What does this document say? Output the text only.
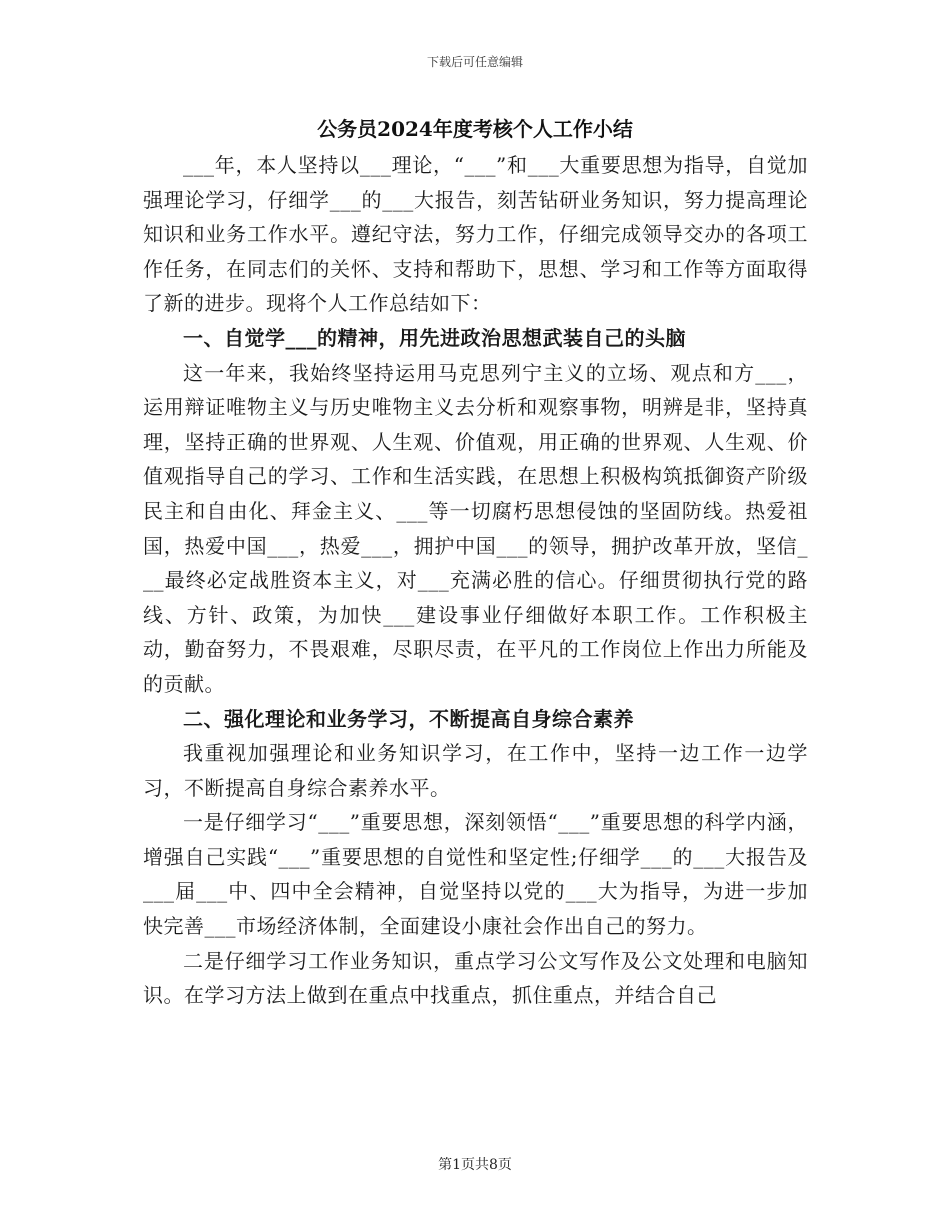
下载后可任意编辑
公务员2024年度考核个人工作小结

___年，本人坚持以___理论，“___”和___大重要思想为指导，自觉加强理论学习，仔细学___的___大报告，刻苦钻研业务知识，努力提高理论知识和业务工作水平。遵纪守法，努力工作，仔细完成领导交办的各项工作任务，在同志们的关怀、支持和帮助下，思想、学习和工作等方面取得了新的进步。现将个人工作总结如下：

一、自觉学___的精神，用先进政治思想武装自己的头脑

这一年来，我始终坚持运用马克思列宁主义的立场、观点和方___，运用辩证唯物主义与历史唯物主义去分析和观察事物，明辨是非，坚持真理，坚持正确的世界观、人生观、价值观，用正确的世界观、人生观、价值观指导自己的学习、工作和生活实践，在思想上积极构筑抵御资产阶级民主和自由化、拜金主义、___等一切腐朽思想侵蚀的坚固防线。热爱祖国，热爱中国___，热爱___，拥护中国___的领导，拥护改革开放，坚信___最终必定战胜资本主义，对___充满必胜的信心。仔细贯彻执行党的路线、方针、政策，为加快___建设事业仔细做好本职工作。工作积极主动，勤奋努力，不畏艰难，尽职尽责，在平凡的工作岗位上作出力所能及的贡献。

二、强化理论和业务学习，不断提高自身综合素养

我重视加强理论和业务知识学习，在工作中，坚持一边工作一边学习，不断提高自身综合素养水平。

一是仔细学习“___”重要思想，深刻领悟“___”重要思想的科学内涵，增强自己实践“___”重要思想的自觉性和坚定性;仔细学___的___大报告及___届___中、四中全会精神，自觉坚持以党的___大为指导，为进一步加快完善___市场经济体制，全面建设小康社会作出自己的努力。

二是仔细学习工作业务知识，重点学习公文写作及公文处理和电脑知识。在学习方法上做到在重点中找重点，抓住重点，并结合自己

第1页共8页
